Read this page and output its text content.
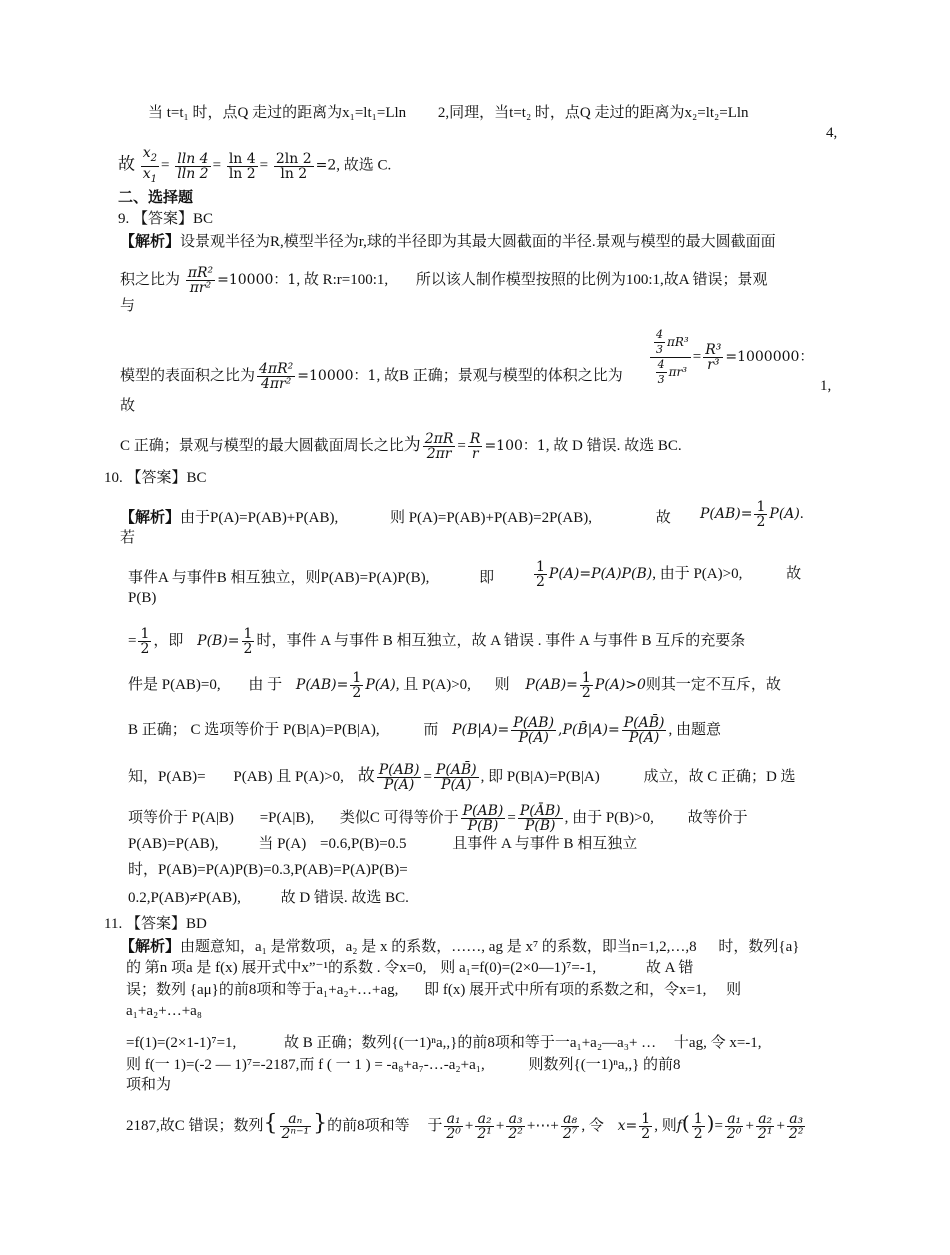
当 t=t₁ 时，点Q 走过的距离为x₁=lt₁=Lln 2,同理，当t=t₂ 时，点Q 走过的距离为x₂=lt₂=Lln
4,
故 $\frac{x_2}{x_1} = \frac{lln 4}{lln 2} = \frac{\ln 4}{\ln 2} = \frac{2\ln 2}{\ln 2} =2$, 故选 C.
二、选择题
9. 【答案】BC
【解析】设景观半径为R,模型半径为r,球的半径即为其最大圆截面的半径.景观与模型的最大圆截面面
积之比为 $\frac{\text{πR²}}{\text{πr²}} =10000$：1, 故 R:r=100:1, 所以该人制作模型按照的比例为100:1,故A 错误；景观
与
模型的表面积之比为 $\frac{\text{4πR²}}{\text{4πr²}} =10000$：1, 故B 正确；景观与模型的体积之比为 $\frac{\frac{4}{3} \pi R^3}{\frac{4}{3} \pi r^3} = \frac{\text{R³}}{\text{r³}} =1000000$：
1,
故
C 正确；景观与模型的最大圆截面周长之比为 $\frac{2\pi R}{2\pi r} = \frac{R}{r} =100$：1, 故 D 错误. 故选 BC.
10. 【答案】BC
【解析】由于P(A)=P(AB)+P(AB),	则 P(A)=P(AB)+P(AB)=2P(AB),	故 $P(AB)= \frac{1}{2} P(A)$.
若
事件A 与事件B 相互独立，则P(AB)=P(A)P(B),	即	$\frac{1}{2} P(A)=P(A)P(B)$, 由于 P(A)>0,	故
P(B)
= $\frac{1}{2}$ ，即 $P(B)= \frac{1}{2}$ 时，事件 A 与事件 B 相互独立，故 A 错误 . 事件 A 与事件 B 互斥的充要条
件是 P(AB)=0, 由 于 $P(AB)= \frac{1}{2} P(A)$, 且 P(A)>0, 则 $P(AB)= \frac{1}{2} P(A)>0$则其一定不互斥，故
B 正确； C 选项等价于 P(B|A)=P(B|A),	而 $P(B|A)= \frac{P(AB)}{P(A)}$ ,P(B̄|A)= $\frac{P(AB̄)}{P(A)}$ , 由题意
知，P(AB)= P(AB) 且 P(A)>0, 故 $\frac{P(AB)}{P(A)} = \frac{P(AB̄)}{P(A)}$ , 即 P(B|A)=P(B|A)	成立，故 C 正确；D 选
项等价于 P(A|B) =P(A|B), 类似C 可得等价于 $\frac{P(AB)}{P(B)} = \frac{P(ĀB)}{P(B)}$ , 由于 P(B)>0, 故等价于
P(AB)=P(AB),	当 P(A) =0.6,P(B)=0.5	且事件 A 与事件 B 相互独立
时，P(AB)=P(A)P(B)=0.3,P(AB)=P(A)P(B)=
0.2,P(AB)≠P(AB),	故 D 错误. 故选 BC.
11. 【答案】BD
【解析】由题意知，a₁ 是常数项，a₂ 是 x 的系数，……, ag 是 x⁷ 的系数，即当n=1,2,…,8 时，数列{a}
的 第n 项a 是 f(x) 展开式中x”⁻¹的系数 . 令x=0, 则 a₁=f(0)=(2×0—1)⁷=-1,	故 A 错
误；数列 {aμ}的前8项和等于a₁+a₂+…+ag, 即 f(x) 展开式中所有项的系数之和，令x=1, 则
a₁+a₂+…+a₈
=f(1)=(2×1-1)⁷=1,	故 B 正确；数列{(一1)ⁿa,,}的前8项和等于一a₁+a₂—a₃+ … 十ag, 令 x=-1,
则 f(一 1)=(-2 — 1)⁷=-2187,而 f ( 一 1 ) = -a₈+a₇-…-a₂+a₁,	则数列{(一1)ⁿa,,} 的前8
项和为
2187,故C 错误；数列{ $\frac{\text{aₙ}}{\text{2ⁿ⁻¹}}$ }的前8项和等 于 $\frac{\text{a₁}}{\text{2⁰}} + \frac{\text{a₂}}{\text{2¹}} + \frac{\text{a₃}}{\text{2²}}$ +⋯+ $\frac{\text{a₈}}{\text{2⁷}}$ , 令 $x= \frac{1}{2}$ , 则$f( \frac{1}{2}$ )= $\frac{\text{a₁}}{\text{2⁰}} + \frac{\text{a₂}}{\text{2¹}} + \frac{\text{a₃}}{\text{2²}}$
